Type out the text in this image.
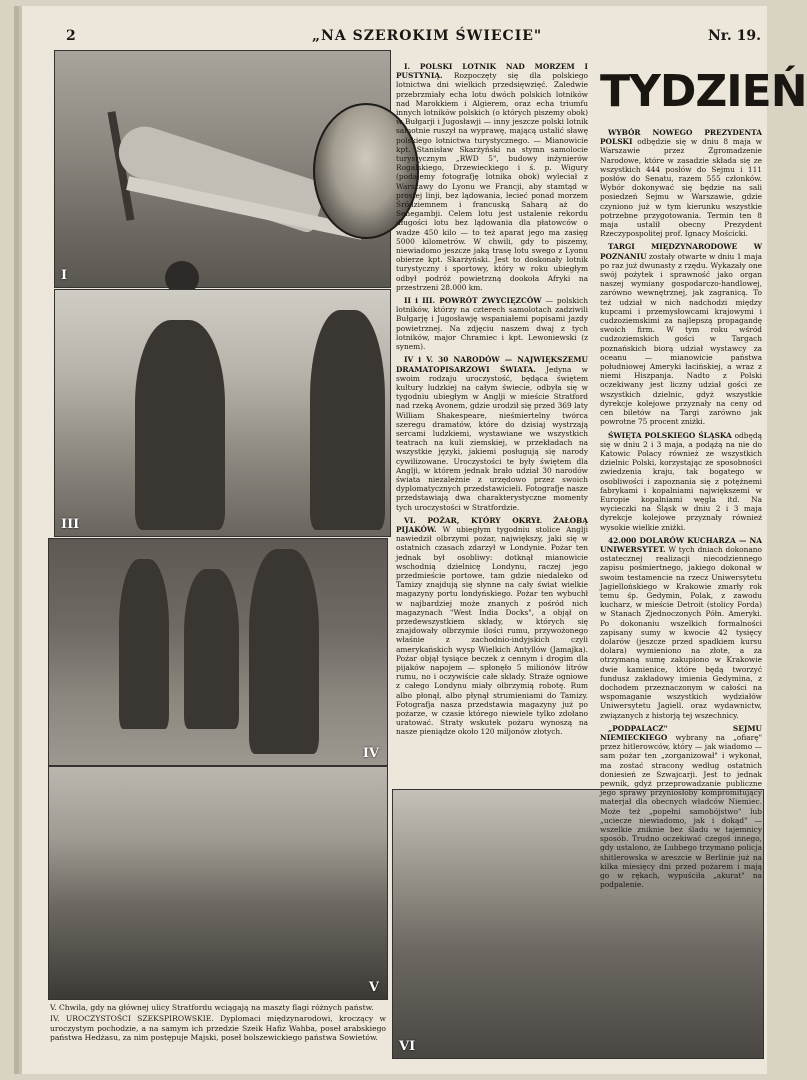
2	„NA SZEROKIM ŚWIECIE"	Nr. 19.
I
III
IV
V
VI

I. POLSKI LOTNIK NAD MORZEM I PUSTYNIĄ. Rozpoczęty się dla polskiego lotnictwa dni wielkich przedsięwzięć. Zaledwie przebrzmiały echa lotu dwóch polskich lotników nad Marokkiem i Algierem, oraz echa triumfu innych lotników polskich (o których piszemy obok) w Bułgarji i Jugosławji — inny jeszcze polski lotnik samotnie ruszył na wyprawę, mającą ustalić sławę polskiego lotnictwa turystycznego. — Mianowicie kpt. Stanisław Skarżyński na stymn samolocie turystycznym „RWD 5", budowy inżynierów Rogalskiego, Drzewieckiego i ś. p. Wigury (podajemy fotografję lotnika obok) wyleciał z Warszawy do Lyonu we Francji, aby stamtąd w prostej linji, bez lądowania, lecieć ponad morzem Śródziemnem i francuską Saharą aż do Senegambji. Celem lotu jest ustalenie rekordu długości lotu bez lądowania dla płatowców o wadze 450 kilo — to też aparat jego ma zasięg 5000 kilometrów. W chwili, gdy to piszemy, niewiadomo jeszcze jaką trasę lotu swego z Lyonu obierze kpt. Skarżyński. Jest to doskonały lotnik turystyczny i sportowy, który w roku ubiegłym odbył podróż powietrzną dookoła Afryki na przestrzeni 28.000 km.

II i III. POWRÓT ZWYCIĘZCÓW — polskich lotników, którzy na czterech samolotach zadziwili Bułgarję i Jugosławję wspaniałemi popisami jazdy powietrznej. Na zdjęciu naszem dwaj z tych lotników, major Chramiec i kpt. Lewoniewski (z synem).

IV i V. 30 NARODÓW — NAJWIĘKSZEMU DRAMATOPISARZOWI ŚWIATA. Jedyna w swoim rodzaju uroczystość, będąca świętem kultury ludzkiej na całym świecie, odbyła się w tygodniu ubiegłym w Anglji w mieście Stratford nad rzeką Avonem, gdzie urodził się przed 369 laty William Shakespeare, nieśmiertelny twórca szeregu dramatów, które do dzisiaj wystrzają sercami ludzkiemi, wystawiane we wszystkich teatrach na kuli ziemskiej, w przekładach na wszystkie języki, jakiemi posługują się narody cywilizowane. Uroczystości te były świętem dla Anglji, w którem jednak brało udział 30 narodów świata niezależnie z urzędowo przez swoich dyplomatycznych przedstawicieli. Fotografje nasze przedstawiają dwa charakterystyczne momenty tych uroczystości w Stratfordzie.

VI. POŻAR, KTÓRY OKRYŁ ŻAŁOBĄ PIJAKÓW. W ubiegłym tygodniu stolice Anglji nawiedził olbrzymi pożar, największy, jaki się w ostatnich czasach zdarzył w Londynie. Pożar ten jednak był osobliwy: dotknął mianowicie wschodnią dzielnicę Londynu, raczej jego przedmieście portowe, tam gdzie niedaleko od Tamizy znajdują się słynne na cały świat wielkie magazyny portu londyńskiego. Pożar ten wybuchł w najbardziej może znanych z pośród nich magazynach "West India Docks", a objął on przedewszystkiem składy, w których się znajdowały olbrzymie ilości rumu, przywożonego właśnie z zachodnio-indyjskich czyli amerykańskich wysp Wielkich Antyllów (Jamajka). Pożar objął tysiące beczek z cennym i drogim dla pijaków napojem — spłonęło 5 milionów litrów rumu, no i oczywiście całe składy. Straże ogniowe z całego Londynu miały olbrzymią robotę. Rum albo płonął, albo płynął strumieniami do Tamizy. Fotografja nasza przedstawia magazyny już po pożarze, w czasie którego niewiele tylko zdołano uratować. Straty wskutek pożaru wynoszą na nasze pieniądze około 120 miljonów złotych.

TYDZIEŃ

WYBÓR NOWEGO PREZYDENTA POLSKI odbędzie się w dniu 8 maja w Warszawie przez Zgromadzenie Narodowe, które w zasadzie składa się ze wszystkich 444 posłów do Sejmu i 111 posłów do Senatu, razem 555 członków. Wybór dokonywać się będzie na sali posiedzeń Sejmu w Warszawie, gdzie czyniono już w tym kierunku wszystkie potrzebne przygotowania. Termin ten 8 maja ustalił obecny Prezydent Rzeczypospolitej prof. Ignacy Mościcki.

TARGI MIĘDZYNARODOWE W POZNANIU zostały otwarte w dniu 1 maja po raz już dwunasty z rzędu. Wykazały one swój pożytek i sprawność jako organ naszej wymiany gospodarczo-handlowej, zarówno wewnętrznej, jak zagranicą. To też udział w nich nadchodzi między kupcami i przemysłowcami krajowymi i cudzoziemskimi za najlepszą propagandę swoich firm. W tym roku wśród cudzoziemskich gości w Targach poznańskich biorą udział wystawcy za oceanu — mianowicie państwa południowej Ameryki łacińskiej, a wraz z niemi Hiszpanja. Nadto z Polski oczekiwany jest liczny udział gości ze wszystkich dzielnic, gdyż wszystkie dyrekcje kolejowe przyznały na ceny od cen biletów na Targi zarówno jak powrotne 75 procent zniżki.

ŚWIĘTA POLSKIEGO ŚLĄSKA odbędą się w dniu 2 i 3 maja, a podążą na nie do Katowic Polacy również ze wszystkich dzielnic Polski, korzystając ze sposobności zwiedzenia kraju, tak bogatego w osobliwości i zapoznania się z potężnemi fabrykami i kopalniami największemi w Europie kopalniami węgla itd. Na wycieczki na Śląsk w dniu 2 i 3 maja dyrekcje kolejowe przyznały również wysokie wielkie zniżki.

42.000 DOLARÓW KUCHARZA — NA UNIWERSYTET. W tych dniach dokonano ostatecznej realizacji niecodziennego zapisu pośmiertnego, jakiego dokonał w swoim testamencie na rzecz Uniwersytetu Jagiellońskiego w Krakowie zmarły rok temu śp. Gedymin, Polak, z zawodu kucharz, w mieście Detroit (stolicy Forda) w Stanach Zjednoczonych Półn. Ameryki. Po dokonaniu wszelkich formalności zapisany sumy w kwocie 42 tysięcy dolarów (jeszcze przed spadkiem kursu dolara) wymieniono na złote, a za otrzymaną sumę zakupiono w Krakowie dwie kamienice, które będą tworzyć fundusz zakładowy imienia Gedymina, z dochodem przeznaczonym w całości na wspomaganie wszystkich wydziałów Uniwersytetu Jagiell. oraz wydawnictw, związanych z historją tej wszechnicy.

„PODPALACZ" SEJMU NIEMIECKIEGO wybrany na „ofiarę" przez hitlerowców, który — jak wiadomo — sam pożar ten „zorganizował" i wykonał, ma zostać stracony według ostatnich doniesień ze Szwajcarji. Jest to jednak pewnik, gdyż przeprowadzanie publiczne jego sprawy przyniosłoby kompromitujący materjał dla obecnych władców Niemiec. Może też „popełni samobójstwo" lub „uciecze niewiadomo, jak i dokąd" — wszelkie zniknie bez śladu w tajemnicy sposób. Trudno oczekiwać czegoś innego, gdy ustalono, że Lubbego trzymano policja shitlerowska w areszcie w Berlinie już na kilka miesięcy dni przed pożarem i mają go w rękach, wypuściła „akurat" na podpalenie.

V. Chwila, gdy na głównej ulicy Stratfordu wciągają na maszty flagi różnych państw.

IV. UROCZYSTOŚCI SZEKSPIROWSKIE. Dyplomaci międzynarodowi, kroczący w uroczystym pochodzie, a na samym ich przedzie Szeik Hafiz Wahba, poseł arabskiego państwa Hedżasu, za nim postępuje Majski, poseł bolszewickiego państwa Sowietów.
